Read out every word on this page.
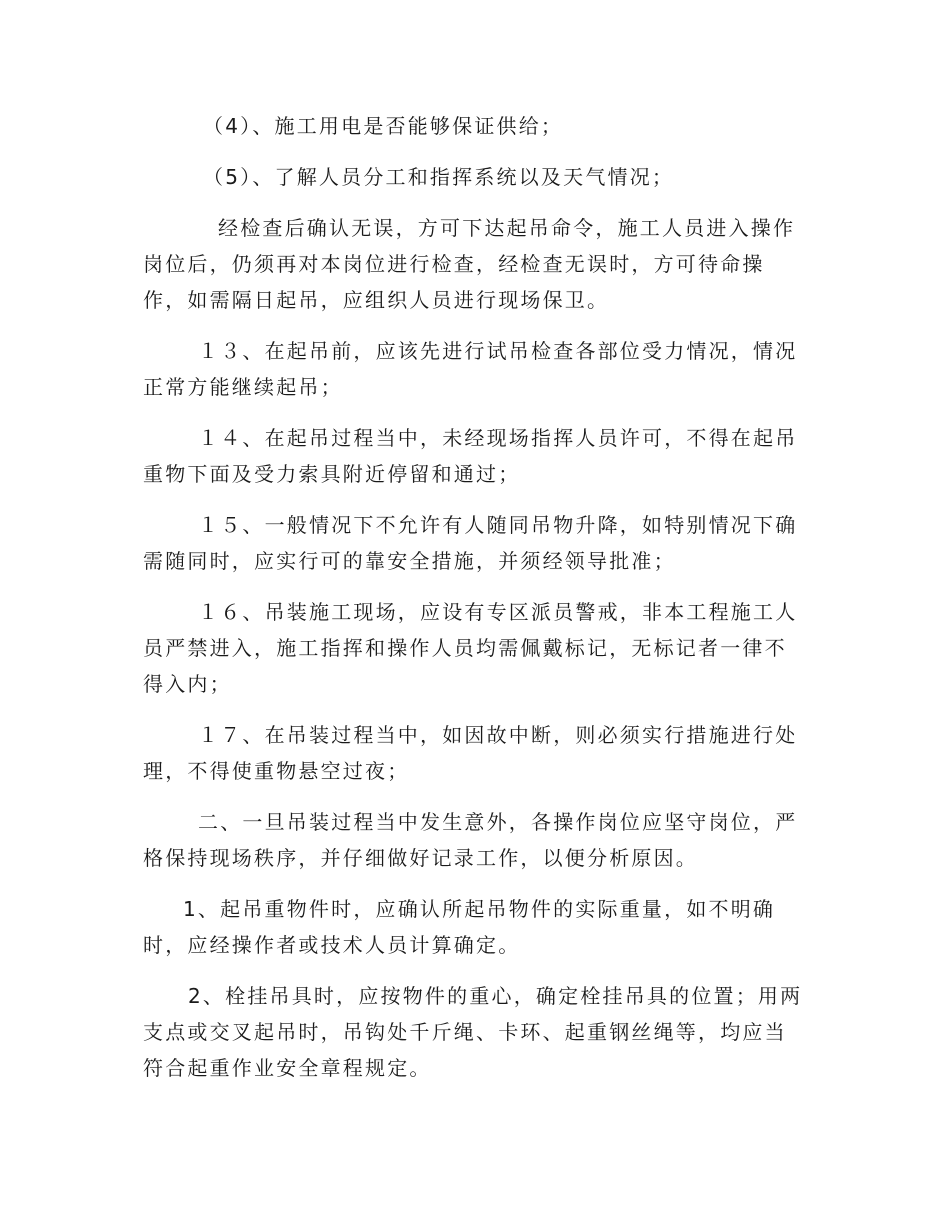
（4）、施工用电是否能够保证供给；

（5）、了解人员分工和指挥系统以及天气情况；

经检查后确认无误，方可下达起吊命令，施工人员进入操作岗位后，仍须再对本岗位进行检查，经检查无误时，方可待命操作，如需隔日起吊，应组织人员进行现场保卫。

１３、在起吊前，应该先进行试吊检查各部位受力情况，情况正常方能继续起吊；

１４、在起吊过程当中，未经现场指挥人员许可，不得在起吊重物下面及受力索具附近停留和通过；

１５、一般情况下不允许有人随同吊物升降，如特别情况下确需随同时，应实行可的靠安全措施，并须经领导批准；

１６、吊装施工现场，应设有专区派员警戒，非本工程施工人员严禁进入，施工指挥和操作人员均需佩戴标记，无标记者一律不得入内；

１７、在吊装过程当中，如因故中断，则必须实行措施进行处理，不得使重物悬空过夜；

二、一旦吊装过程当中发生意外，各操作岗位应坚守岗位，严格保持现场秩序，并仔细做好记录工作，以便分析原因。

1、起吊重物件时，应确认所起吊物件的实际重量，如不明确时，应经操作者或技术人员计算确定。

2、栓挂吊具时，应按物件的重心，确定栓挂吊具的位置；用两支点或交叉起吊时，吊钩处千斤绳、卡环、起重钢丝绳等，均应当符合起重作业安全章程规定。
